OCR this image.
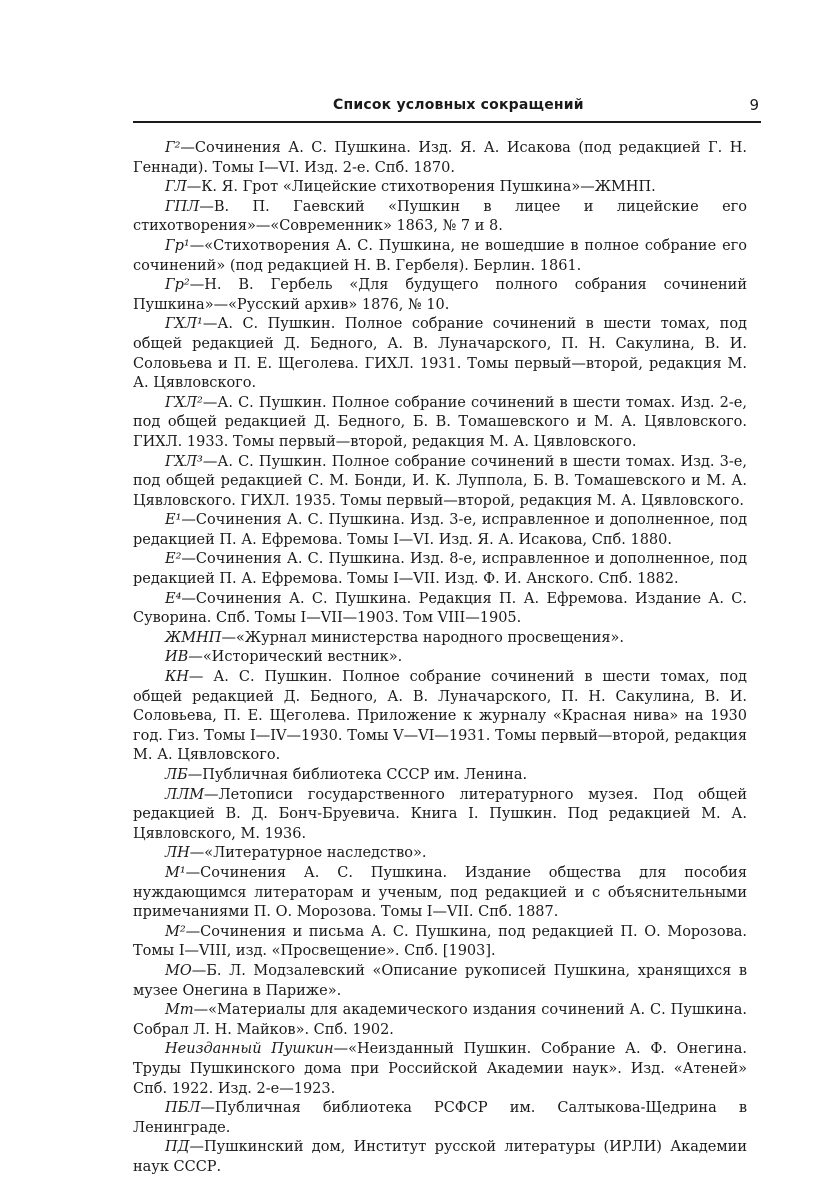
Список условных сокращений	9

Г²—Сочинения А. С. Пушкина. Изд. Я. А. Исакова (под редакцией Г. Н. Геннади). Томы I—VI. Изд. 2-е. Спб. 1870.

ГЛ—К. Я. Грот «Лицейские стихотворения Пушкина»—ЖМНП.

ГПЛ—В. П. Гаевский «Пушкин в лицее и лицейские его стихотворения»—«Современник» 1863, № 7 и 8.

Гр¹—«Стихотворения А. С. Пушкина, не вошедшие в полное собрание его сочинений» (под редакцией Н. В. Гербеля). Берлин. 1861.

Гр²—Н. В. Гербель «Для будущего полного собрания сочинений Пушкина»—«Русский архив» 1876, № 10.

ГХЛ¹—А. С. Пушкин. Полное собрание сочинений в шести томах, под общей редакцией Д. Бедного, А. В. Луначарского, П. Н. Сакулина, В. И. Соловьева и П. Е. Щеголева. ГИХЛ. 1931. Томы первый—второй, редакция М. А. Цявловского.

ГХЛ²—А. С. Пушкин. Полное собрание сочинений в шести томах. Изд. 2-е, под общей редакцией Д. Бедного, Б. В. Томашевского и М. А. Цявловского. ГИХЛ. 1933. Томы первый—второй, редакция М. А. Цявловского.

ГХЛ³—А. С. Пушкин. Полное собрание сочинений в шести томах. Изд. 3-е, под общей редакцией С. М. Бонди, И. К. Луппола, Б. В. Томашевского и М. А. Цявловского. ГИХЛ. 1935. Томы первый—второй, редакция М. А. Цявловского.

Е¹—Сочинения А. С. Пушкина. Изд. 3-е, исправленное и дополненное, под редакцией П. А. Ефремова. Томы I—VI. Изд. Я. А. Исакова, Спб. 1880.

Е²—Сочинения А. С. Пушкина. Изд. 8-е, исправленное и дополненное, под редакцией П. А. Ефремова. Томы I—VII. Изд. Ф. И. Анского. Спб. 1882.

Е⁴—Сочинения А. С. Пушкина. Редакция П. А. Ефремова. Издание А. С. Суворина. Спб. Томы I—VII—1903. Том VIII—1905.

ЖМНП—«Журнал министерства народного просвещения».

ИВ—«Исторический вестник».

КН— А. С. Пушкин. Полное собрание сочинений в шести томах, под общей редакцией Д. Бедного, А. В. Луначарского, П. Н. Сакулина, В. И. Соловьева, П. Е. Щеголева. Приложение к журналу «Красная нива» на 1930 год. Гиз. Томы I—IV—1930. Томы V—VI—1931. Томы первый—второй, редакция М. А. Цявловского.

ЛБ—Публичная библиотека СССР им. Ленина.

ЛЛМ—Летописи государственного литературного музея. Под общей редакцией В. Д. Бонч-Бруевича. Книга I. Пушкин. Под редакцией М. А. Цявловского, М. 1936.

ЛН—«Литературное наследство».

М¹—Сочинения А. С. Пушкина. Издание общества для пособия нуждающимся литераторам и ученым, под редакцией и с объяснительными примечаниями П. О. Морозова. Томы I—VII. Спб. 1887.

М²—Сочинения и письма А. С. Пушкина, под редакцией П. О. Морозова. Томы I—VIII, изд. «Просвещение». Спб. [1903].

МО—Б. Л. Модзалевский «Описание рукописей Пушкина, хранящихся в музее Онегина в Париже».

Мт—«Материалы для академического издания сочинений А. С. Пушкина. Собрал Л. Н. Майков». Спб. 1902.

Неизданный Пушкин—«Неизданный Пушкин. Собрание А. Ф. Онегина. Труды Пушкинского дома при Российской Академии наук». Изд. «Атеней» Спб. 1922. Изд. 2-е—1923.

ПБЛ—Публичная библиотека РСФСР им. Салтыкова-Щедрина в Ленинграде.

ПД—Пушкинский дом, Институт русской литературы (ИРЛИ) Академии наук СССР.
